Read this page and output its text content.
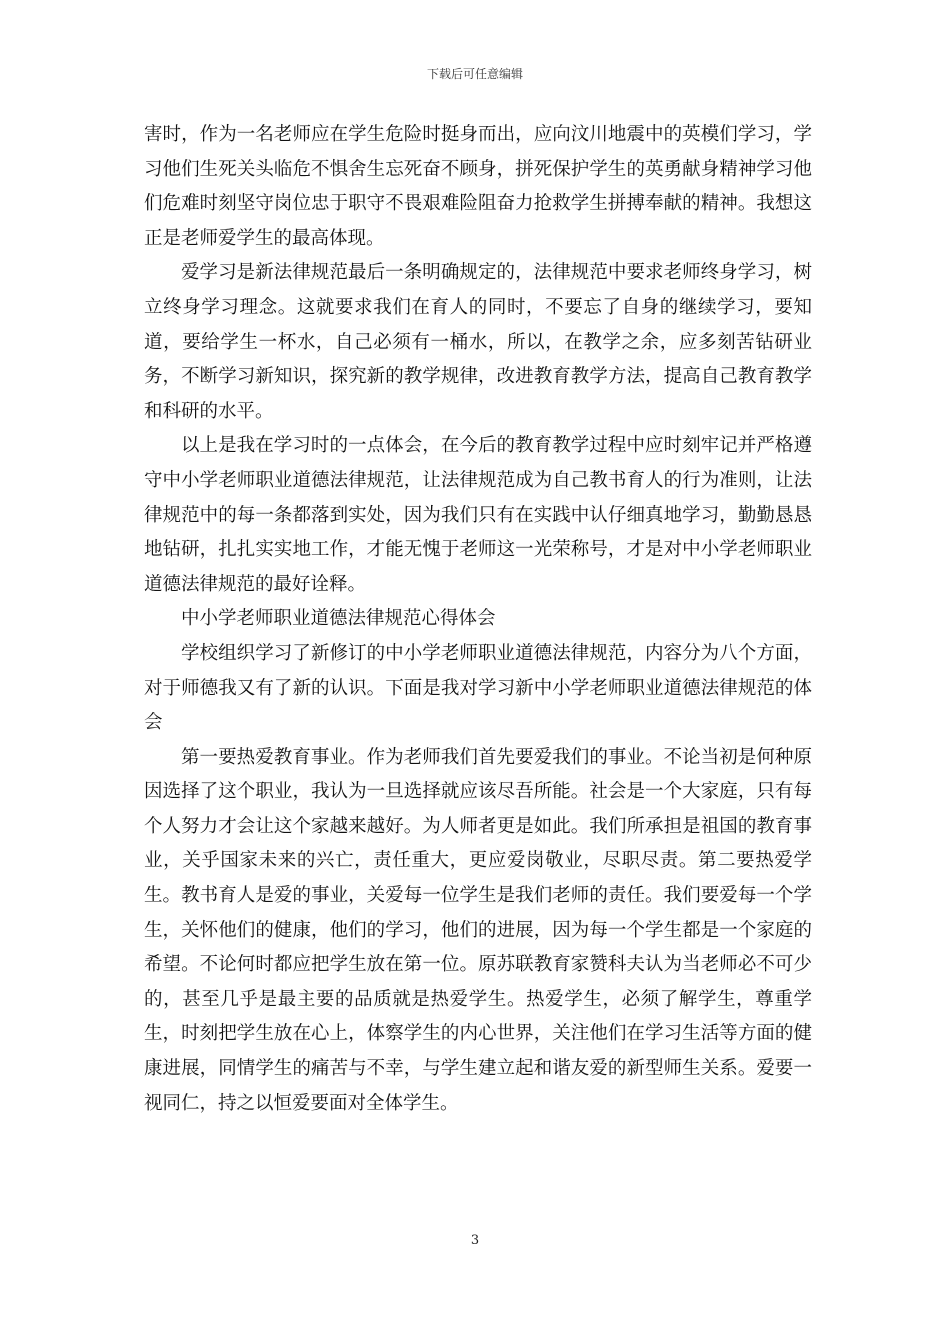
下载后可任意编辑

害时，作为一名老师应在学生危险时挺身而出，应向汶川地震中的英模们学习，学习他们生死关头临危不惧舍生忘死奋不顾身，拼死保护学生的英勇献身精神学习他们危难时刻坚守岗位忠于职守不畏艰难险阻奋力抢救学生拼搏奉献的精神。我想这正是老师爱学生的最高体现。

爱学习是新法律规范最后一条明确规定的，法律规范中要求老师终身学习，树立终身学习理念。这就要求我们在育人的同时，不要忘了自身的继续学习，要知道，要给学生一杯水，自己必须有一桶水，所以，在教学之余，应多刻苦钻研业务，不断学习新知识，探究新的教学规律，改进教育教学方法，提高自己教育教学和科研的水平。

以上是我在学习时的一点体会，在今后的教育教学过程中应时刻牢记并严格遵守中小学老师职业道德法律规范，让法律规范成为自己教书育人的行为准则，让法律规范中的每一条都落到实处，因为我们只有在实践中认仔细真地学习，勤勤恳恳地钻研，扎扎实实地工作，才能无愧于老师这一光荣称号，才是对中小学老师职业道德法律规范的最好诠释。

中小学老师职业道德法律规范心得体会

学校组织学习了新修订的中小学老师职业道德法律规范，内容分为八个方面，对于师德我又有了新的认识。下面是我对学习新中小学老师职业道德法律规范的体会

第一要热爱教育事业。作为老师我们首先要爱我们的事业。不论当初是何种原因选择了这个职业，我认为一旦选择就应该尽吾所能。社会是一个大家庭，只有每个人努力才会让这个家越来越好。为人师者更是如此。我们所承担是祖国的教育事业，关乎国家未来的兴亡，责任重大，更应爱岗敬业，尽职尽责。第二要热爱学生。教书育人是爱的事业，关爱每一位学生是我们老师的责任。我们要爱每一个学生，关怀他们的健康，他们的学习，他们的进展，因为每一个学生都是一个家庭的希望。不论何时都应把学生放在第一位。原苏联教育家赞科夫认为当老师必不可少的，甚至几乎是最主要的品质就是热爱学生。热爱学生，必须了解学生，尊重学生，时刻把学生放在心上，体察学生的内心世界，关注他们在学习生活等方面的健康进展，同情学生的痛苦与不幸，与学生建立起和谐友爱的新型师生关系。爱要一视同仁，持之以恒爱要面对全体学生。

3
